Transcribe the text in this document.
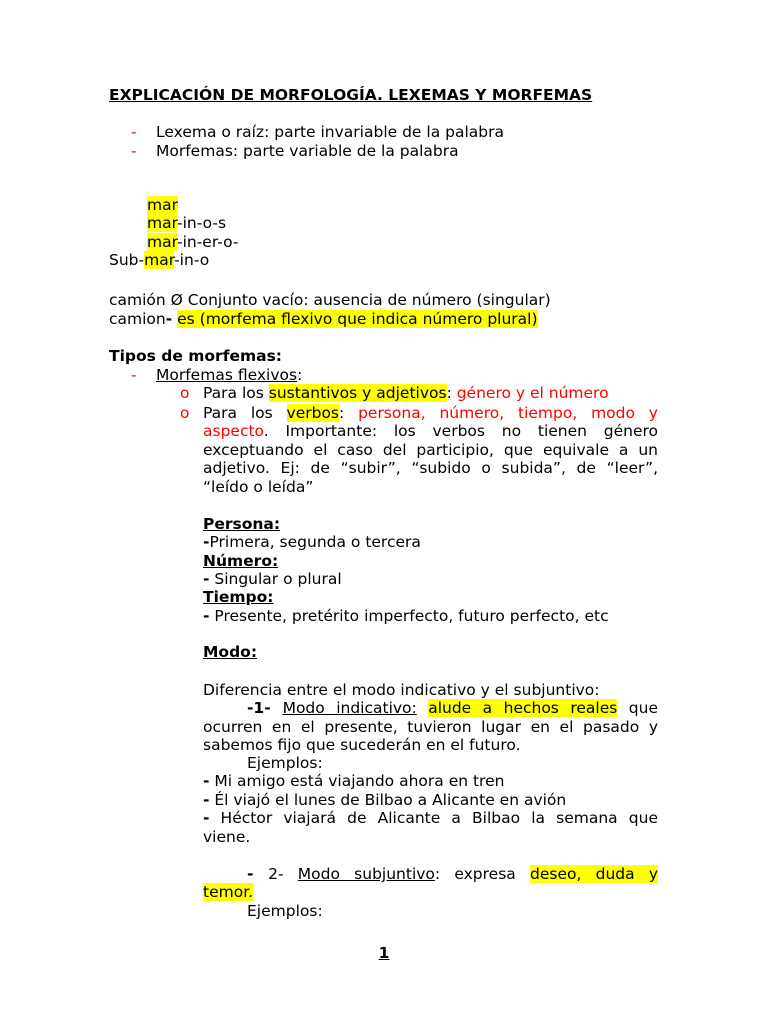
EXPLICACIÓN DE MORFOLOGÍA. LEXEMAS Y MORFEMAS
- Lexema o raíz: parte invariable de la palabra
- Morfemas: parte variable de la palabra
mar
mar-in-o-s
mar-in-er-o-
Sub-mar-in-o
camión Ø Conjunto vacío: ausencia de número (singular)
camion- es (morfema flexivo que indica número plural)
Tipos de morfemas:
- Morfemas flexivos:
o Para los sustantivos y adjetivos: género y el número
o Para los verbos: persona, número, tiempo, modo y
aspecto. Importante: los verbos no tienen género
exceptuando el caso del participio, que equivale a un
adjetivo. Ej: de “subir”, “subido o subida”, de “leer”,
“leído o leída”
Persona:
-Primera, segunda o tercera
Número:
- Singular o plural
Tiempo:
- Presente, pretérito imperfecto, futuro perfecto, etc
Modo:
Diferencia entre el modo indicativo y el subjuntivo:
-1- Modo indicativo: alude a hechos reales que
ocurren en el presente, tuvieron lugar en el pasado y
sabemos fijo que sucederán en el futuro.
Ejemplos:
- Mi amigo está viajando ahora en tren
- Él viajó el lunes de Bilbao a Alicante en avión
- Héctor viajará de Alicante a Bilbao la semana que
viene.
- 2- Modo subjuntivo: expresa deseo, duda y
temor.
Ejemplos:
1
